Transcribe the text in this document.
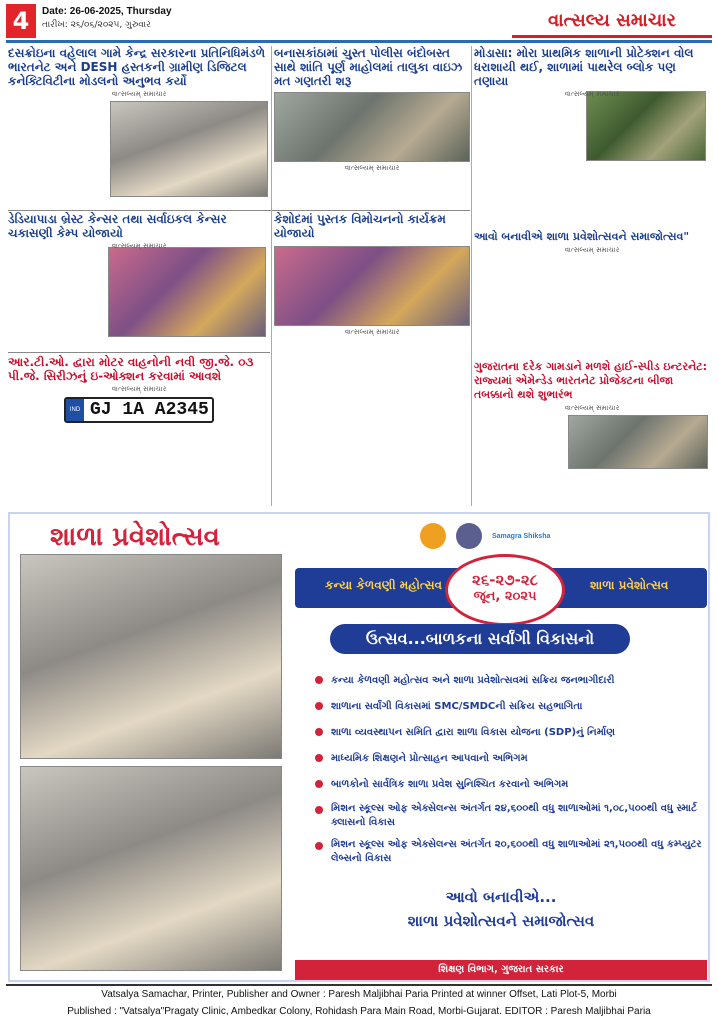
4	Date: 26-06-2025, Thursday
તારીખ: ૨૬/૦૬/૨૦૨૫, ગુરુવાર	વાત્સલ્ય સમાચાર
દસક્રોઇના વહેલાલ ગામે કેન્દ્ર સરકારના પ્રતિનિધિમંડળે ભારતનેટ અને DESH હસ્તકની ગ્રામીણ ડિજિટલ કનેક્ટિવિટીના મોડલનો અનુભવ કર્યો
વાત્સલ્યમ્ સમાચાર
બનાસકાંઠામાં ચુસ્ત પોલીસ બંદોબસ્ત સાથે શાંતિ પૂર્ણ માહોલમાં તાલુકા વાઇઝ મત ગણતરી શરૂ
વાત્સલ્યમ્ સમાચાર
મોડાસા: મોરા પ્રાથમિક શાળાની પ્રોટેક્શન વોલ ધરાશાયી થઈ, શાળામાં પાથરેલ બ્લોક પણ તણાયા
વાત્સલ્યમ્ સમાચાર
ડેડિયાપાડા બ્રેસ્ટ કેન્સર તથા સર્વાઇકલ કેન્સર ચકાસણી કેમ્પ યોજાયો
વાત્સલ્યમ્ સમાચાર
કેશોદમાં પુસ્તક વિમોચનનો કાર્યક્રમ યોજાયો
વાત્સલ્યમ્ સમાચાર
આવો બનાવીએ શાળા પ્રવેશોત્સવને સમાજોત્સવ"
વાત્સલ્યમ્ સમાચાર
આર.ટી.ઓ. દ્વારા મોટર વાહનોની નવી જી.જે. ૦૩ પી.જે. સિરીઝનું ઇ-ઓક્શન કરવામાં આવશે
વાત્સલ્યમ્ સમાચાર
IND GJ 1A A2345
ગુજરાતના દરેક ગામડાને મળશે હાઈ-સ્પીડ ઇન્ટરનેટ: રાજ્યમાં એમેન્ડેડ ભારતનેટ પ્રોજેક્ટના બીજા તબક્કાનો થશે શુભારંભ
વાત્સલ્યમ્ સમાચાર
શાળા પ્રવેશોત્સવ	Samagra Shiksha
કન્યા કેળવણી મહોત્સવ	શાળા પ્રવેશોત્સવ
૨૬-૨૭-૨૮
જૂન, ૨૦૨૫
ઉત્સવ...બાળકના સર્વાંગી વિકાસનો
કન્યા કેળવણી મહોત્સવ અને શાળા પ્રવેશોત્સવમાં સક્રિય જનભાગીદારી
શાળાના સર્વાંગી વિકાસમાં SMC/SMDCની સક્રિય સહભાગિતા
શાળા વ્યવસ્થાપન સમિતિ દ્વારા શાળા વિકાસ યોજના (SDP)નું નિર્માણ
માધ્યમિક શિક્ષણને પ્રોત્સાહન આપવાનો અભિગમ
બાળકોનો સાર્વત્રિક શાળા પ્રવેશ સુનિશ્ચિત કરવાનો અભિગમ
મિશન સ્કૂલ્સ ઓફ એક્સેલન્સ અંતર્ગત ૨૪,૬૦૦થી વધુ શાળાઓમાં ૧,૦૮,૫૦૦થી વધુ સ્માર્ટ ક્લાસનો વિકાસ
મિશન સ્કૂલ્સ ઓફ એક્સેલન્સ અંતર્ગત ૨૦,૬૦૦થી વધુ શાળાઓમાં ૨૧,૫૦૦થી વધુ કમ્પ્યુટર લેબ્સનો વિકાસ
આવો બનાવીએ...
શાળા પ્રવેશોત્સવને સમાજોત્સવ
શિક્ષણ વિભાગ, ગુજરાત સરકાર
Vatsalya Samachar, Printer, Publisher and Owner : Paresh Maljibhai Paria Printed at winner Offset, Lati Plot-5, Morbi
Published : "Vatsalya"Pragaty Clinic, Ambedkar Colony, Rohidash Para Main Road, Morbi-Gujarat. EDITOR : Paresh Maljibhai Paria
